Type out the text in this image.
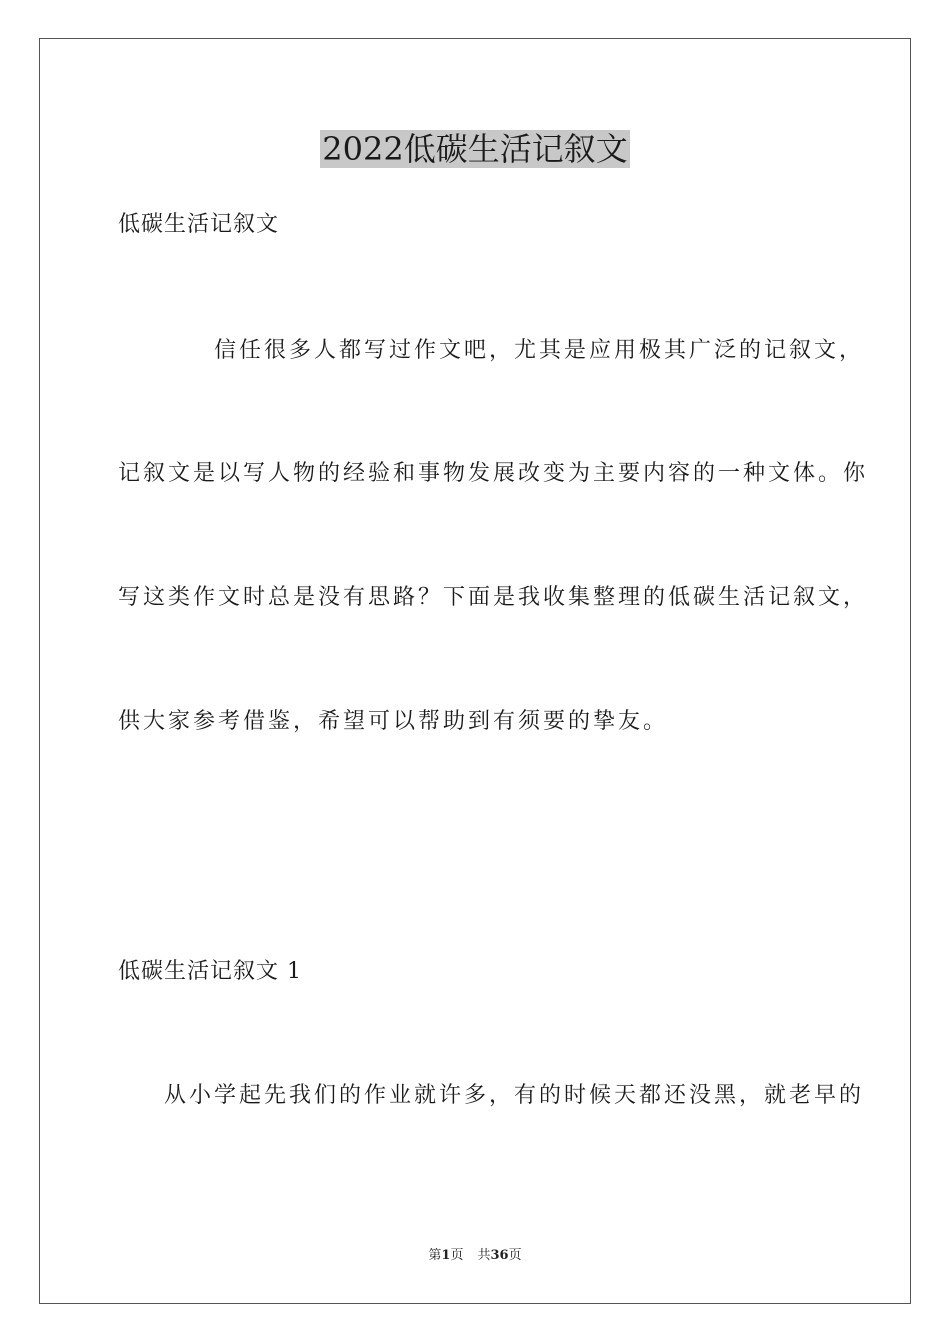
2022低碳生活记叙文
低碳生活记叙文
信任很多人都写过作文吧，尤其是应用极其广泛的记叙文，
记叙文是以写人物的经验和事物发展改变为主要内容的一种文体。你
写这类作文时总是没有思路？下面是我收集整理的低碳生活记叙文，
供大家参考借鉴，希望可以帮助到有须要的挚友。
低碳生活记叙文 1
从小学起先我们的作业就许多，有的时候天都还没黑，就老早的
第1页 共36页
